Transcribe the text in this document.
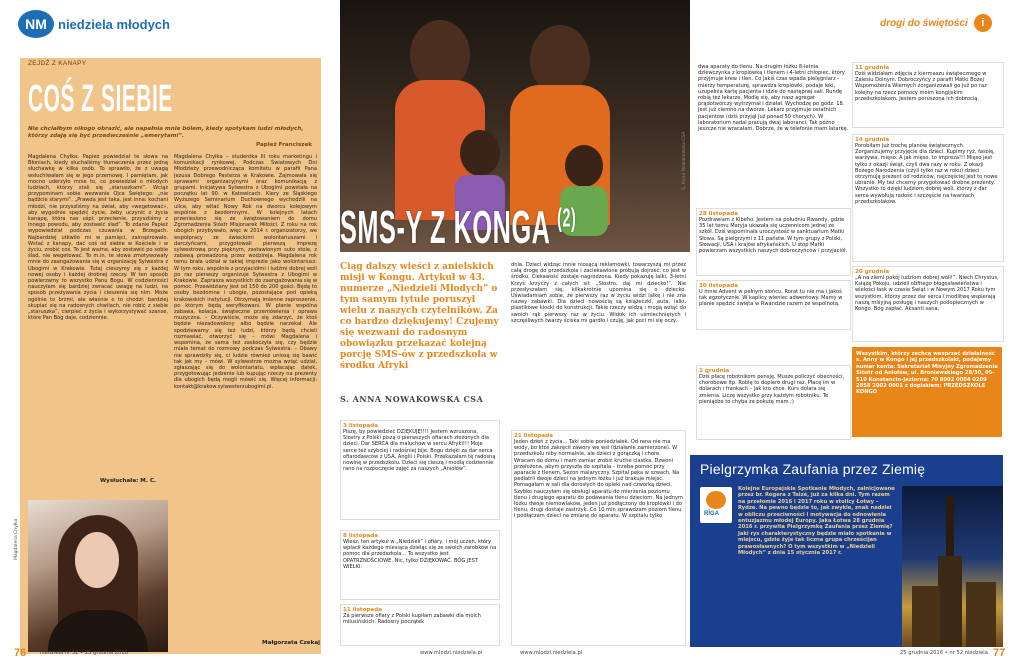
NM niedziela młodych
ZEJDŹ Z KANAPY
COŚ Z SIEBIE
Nie chciałbym nikogo obrazić, ale napełnia mnie bólem, kiedy spotykam ludzi młodych, którzy zdają się być przedwcześnie „emerytami”.
Papież Franciszek
Magdalena Chyłka: Papież powiedział te słowa na Błoniach, kiedy słuchaliśmy tłumaczenia przez jedną słuchawkę w kilka osób. To sprawiło, że z uwagą wsłuchiwałam się w jego przemowę. I pamiętam, jak mocno uderzyło mnie to, co powiedział o młodych ludziach, którzy stali się „staruszkami”. Wciąż przypominam sobie wezwanie Ojca Świętego: „nie bądźcie starymi”. „Prawda jest taka, jest inna: kochani młodzi, nie przyszliśmy na świat, aby «wegetować», aby wygodnie spędzić życie, żeby uczynić z życia kanapę, która nas uśpi; przeciwnie, przyszliśmy z innego powodu, aby zostawić ślad”. To zdanie Papież wypowiedział podczas czuwania w Brzegach. Najbardziej utkwiło mi w pamięci, zainspirowało. Wstać z kanapy, dać coś od siebie w Kościele i w życiu, zrobić coś. To jest ważne, aby zostawić po sobie ślad, nie wegetować. To m.in. te słowa zmotywowały mnie do zaangażowania się w organizację Sylwestra z Ubogimi w Krakowie. Tutaj cieszymy się z każdej nowej osoby i każdej drobnej rzeczy. W ten sposób powierzamy to wszystko Panu Bogu. W codzienności nauczyłam się bardziej zwracać uwagę na ludzi, na sposób przeżywania życia i cieszenia się nim. Może ogólnie to brzmi, ale właśnie o to chodzi: bardziej skupiać się na radosnych chwilach, nie robić z siebie „staruszka”, cierpieć z życia i wykorzystywać szanse, które Pan Bóg daje, codziennie.
Wysłuchała: M. C.
Magdalena Chyłka – studentka III roku marketingu i komunikacji rynkowej. Podczas Światowych Dni Młodzieży przewodnicząca komitetu w parafii Pana Jezusa Dobrego Pasterza w Krakowie. Zajmowała się sprawami organizacyjnymi oraz komunikacją z grupami. Inicjatywa Sylwestra z Ubogimi powstała na początku lat 90. w Katowicach. Kiery ze Śląskiego Wyższego Seminarium Duchownego wychodzili na ulice, aby witać Nowy Rok na dworcu kolejowym wspólnie z bezdomnymi. W kolejnych latach przeniesiono się ze świętowaniem do domu Zgromadzenia Sióstr Misjonarek Miłości. Z roku na rok ubogich przybywało, więc w 2014 r. organizatorzy, we współpracy ze świeckimi wolontariuszami i darczyńcami, przygotowali pierwszą imprezę sylwestrową przy pięknym, zastawionym suto stole, z zabawą prowadzoną przez wodzireja. Magdalena rok temu brała udział w takiej imprezie jako wolontariusz. W tym roku, wspólnie z przyjaciółmi i ludźmi dobrej woli po raz pierwszy organizuje Sylwestra z Ubogimi w Krakowie. Zaprasza wszystkich do zaangażowania się w pomoc. Przewidziany jest od 150 do 200 gości. Będą to osoby bezdomne i ubogie, pozostające pod opieką krakowskich instytucji. Otrzymają imienne zaproszenie, po którym będą weryfikowani. W planie wspólna zabawa, kolacja, świąteczne przemówienia i oprawa muzyczna. – Oczywiście, może się zdarzyć, że ktoś będzie niezadowolony albo będzie narzekał. Ale spodziewamy się też ludzi, którzy będą chcieli rozmawiać, otworzyć się – mówi Magdalena i wspomina, że sama też zaskoczyła się, czy będzie miała temat do rozmowy podczas Sylwestra. – Obawy nie sprawdziły się, ci ludzie również uniosą się bawić tak jak my – mówi. W sylwestrze można wziąć udział, zgłaszając się do wolontariatu, wpłacając datek, przygotowując jedzenie lub kupując rzeczy na prezenty dla ubogich będą mogli mówić się. Więcej informacji: kontakt@krakow.sylwesterzubogimi.pl.
Małgorzata Czekaj
Magdalena Chyłka
SMS-Y Z KONGA $^{(2)}$
S. Anna Nowakowska CSA
drogi do świętości	i
Ciąg dalszy wieści z anielskich misji w Kongu. Artykuł w 43. numerze „Niedzieli Młodych” o tym samym tytule poruszył wielu z naszych czytelników. Za co bardzo dziękujemy! Czujemy się wezwani do radosnym obowiązku przekazać kolejną porcję SMS-ów z przedszkola w środku Afryki
S. ANNA NOWAKOWSKA CSA
dnia. Dzieci widząc mnie niosącą reklamówki, towarzyszą mi przez całą drogę do przedszkola i zaciekawione próbują dojrzeć, co jest w środku. Ciekawość zostaje nagrodzona. Kiedy pokazuję lalki, 3-letni Krzyś krzyczy z całych sił: „Siostro, daj mi dziecko!”. Nie przesłyszałam się, kilkakrotnie upomina się o dziecko. Uświadamiam sobie, że pierwszy raz w życiu widzi lalkę i nie zna nazwy zabawki. Dla dzieci nowością są książeczki, auta, lalki, plastikowe klocki do konstrukcji. Takie rzeczy widzą i mogą wziąć do swoich rąk pierwszy raz w życiu. Widok ich uśmiechniętych i szczęśliwych twarzy ściska mi gardło i czuję, jak poci mi się oczy.
3 listopada
Piszę, by powiedzieć DZIĘKUJĘ!!!! Jestem wzruszona. Siostry z Polski piszą o pierwszych ofiarach złożonych dla dzieci. Dar SERCA dla maluchów w sercu Afryki!!! Moje serce też szybciej i radośniej bije. Bogu dzięki za dar serca ofiarodawców z USA, Anglii i Polski. Przekazałam tę radosną nowinę w przedszkolu. Dzieci się cieszą i modlą codziennie rano na rozpoczęcie zajęć za naszych „Aniołów”.
8 listopada
Wiesz, ten artykuł w „Niedzieli” i ofiary, i mój uczeń, który wpłacił każdego miesiąca dzieląc się ze swoich zarobków na pomoc dla przedszkola... To wszystko jest OPATRZNOŚCIOWE. Nic, tylko DZIĘKOWAĆ. BÓG JEST WIELKI.
11 listopada
Za pierwsze ofiary z Polski kupiłam zabawki dla moich milusińskich. Radosny początek
21 listopada
Jeden dzień z życia... Taki sobie poniedziałek. Od rana nie ma wody, bo ktoś zakręcił zawory we wsi (działanie zamierzone). W przedszkolu niby normalnie, ale dzieci z gorączką i chore. Wracam do domu i mam zamiar zrobić kruche ciastka. Dzwoni przełożona, abym przyszła do szpitala – trzeba pomóc przy aparacie z tlenem. Sezon malaryczny. Szpital pęka w szwach. Na pediatrii dwoje dzieci na jednym łóżku i już brakuje miejsc. Pomagałam w sali dla dorosłych do opieki nad czworką dzieci. Szybko nauczyłam się obsługi aparatu do mierzenia poziomu tlenu i drugiego aparatu do podawania tlenu dzieciom. Na jednym łóżku dwoje niemowlaków, jeden już podłączony do kroplówki i do tlenu, drugi dostaje zastrzyk. Co 10 min sprawdzam poziom tlenu i podłączam dzieci na zmianę do aparatu. W szpitalu tylko
dwa aparaty do tlenu. Na drugim łóżku 8-letnia dziewczynka z kroplówką i tlenem i 4-letni chłopiec, który przyjmuje krew i tlen. Co jakiś czas wpada pielęgniarz – mierzy temperaturę, sprawdza kroplówki, podaje leki, uzupełnia kartę pacjenta i idzie do następnej sali. Rundę robią też lekarze. Modlę się, aby nasz agregat prądotwórczy wytrzymał i działał. Wychodzę po godz. 18. Jest już ciemno na dworze. Lekarz przyjmuje ostatnich pacjentów (dziś przyjął już ponad 50 chorych). W laboratorium nadal pracują dwaj laboranci. Tak późno jeszcze nie wracałam. Dobrze, że w telefonie mam latarkę.
28 listopada
Pozdrawiam z Kibeho. Jestem na południu Rwandy, gdzie 35 lat temu Maryja ukazała się uczennicom jednej ze szkół. Dziś wspominała uroczystość w sanktuarium Matki Słowa. Są pielgrzymi z 11 państw. W tym grupy z Polski, Słowacji, USA i krajów afrykańskich. U stóp Matki powierzam wszystkich naszych dobroczyńców i przyjaciół.
30 listopada
U mnie Advent w pełnym słońcu. Rorat tu nie ma i jakoś tak egzotycznie. W kaplicy wieniec adwentowy. Mamy w planie spędzić święta w Rwandzie razem ze wspólnotą.
1 grudnia
Dziś płacę robotnikom pensję. Musze policzyć obecności, chorobowe itp. Robię to dopiero drugi raz. Płacę im w dolarach i frankach – jak kto chce. Kurs dolara się zmienia. Liczę wszystko przy każdym robotniku. Te pieniądze to chyba za pokutę mam ;)
11 grudnia
Dziś widziałam zdjęcia z kiermaszu świątecznego w Zalesiu Dolnym. Dobroczyńcy z parafii Matki Bożej Wspomożenia Wiernych zorganizowali go już po raz kolejny na rzecz pomocy moim kongijskim przedszkolakom. Jestem poruszona ich dobrocią.
14 grudnia
Porobiłam już trochę planów świątecznych. Zorganizujemy przyjęcie dla dzieci. Kupimy ryż, fasolę, warzywa, mięso. A jak mięso, to impreza!!! Mięso jest tylko z okazji świąt, czyli dwa razy w roku. Z okazji Bożego Narodzenia (czyli tylko raz w roku) dzieci otrzymują prezent od rodziców, najczęściej jest to nowe ubranie. My też chcemy przygotować drobne prezenty. Wszystko to dzięki ludziom dobrej woli, którzy z dar serca wywołują radość i szczęście na twarzach przedszkolaków.
20 grudnia
„A na ziemi pokój ludziom dobrej woli!”. Niech Chrystus, Książę Pokoju, udzieli obfitego błogosławieństwa i wielości łask w czasie Świąt i w Nowym 2017 Roku tym wszystkim, którzy przez dar serca i modlitwę wspierają naszą misyjną posługę i naszych podopiecznych w Kongo. Bóg zapłać. Aksanti sana.
Wszystkim, którzy zechcą wesprzeć działalność s. Anny w Kongo i jej przedszkolaki, podajemy numer konta: Sekretariat Misyjny Zgromadzenia Sióstr od Aniołów, ul. Broniewskiego 28/30, 05-510 Konstancin-Jeziorna: 70 8002 0004 0209 2858 2002 0001 z dopiskiem: PRZEDSZKOLE KONGO
Pielgrzymka Zaufania przez Ziemię
RĪGA
Kolejne Europejskie Spotkanie Młodych, zainicjowane przez br. Rogera z Taizé, już za kilka dni. Tym razem na przełomie 2016 i 2017 roku w stolicy Łotwy – Rydze. Na pewno będzie to, jak zwykle, znak nadziei w obliczu przeciwności i motywacja do odnowienia entuzjazmu młodej Europy. Jaka Łotwa 28 grudnia 2016 r. przywita Pielgrzymkę Zaufania przez Ziemię? Jaki rys charakterystyczny będzie miało spotkanie w miejscu, gdzie żyje tak liczna grupa chrześcijan prawosławnych? O tym wszystkim w „Niedzieli Młodych” z dnia 15 stycznia 2017 r.
76	niedziela nr 52 • 25 grudnia 2016	www.mlodzi.niedziela.pl	www.mlodzi.niedziela.pl	25 grudnia 2016 • nr 52 niedziela 77
